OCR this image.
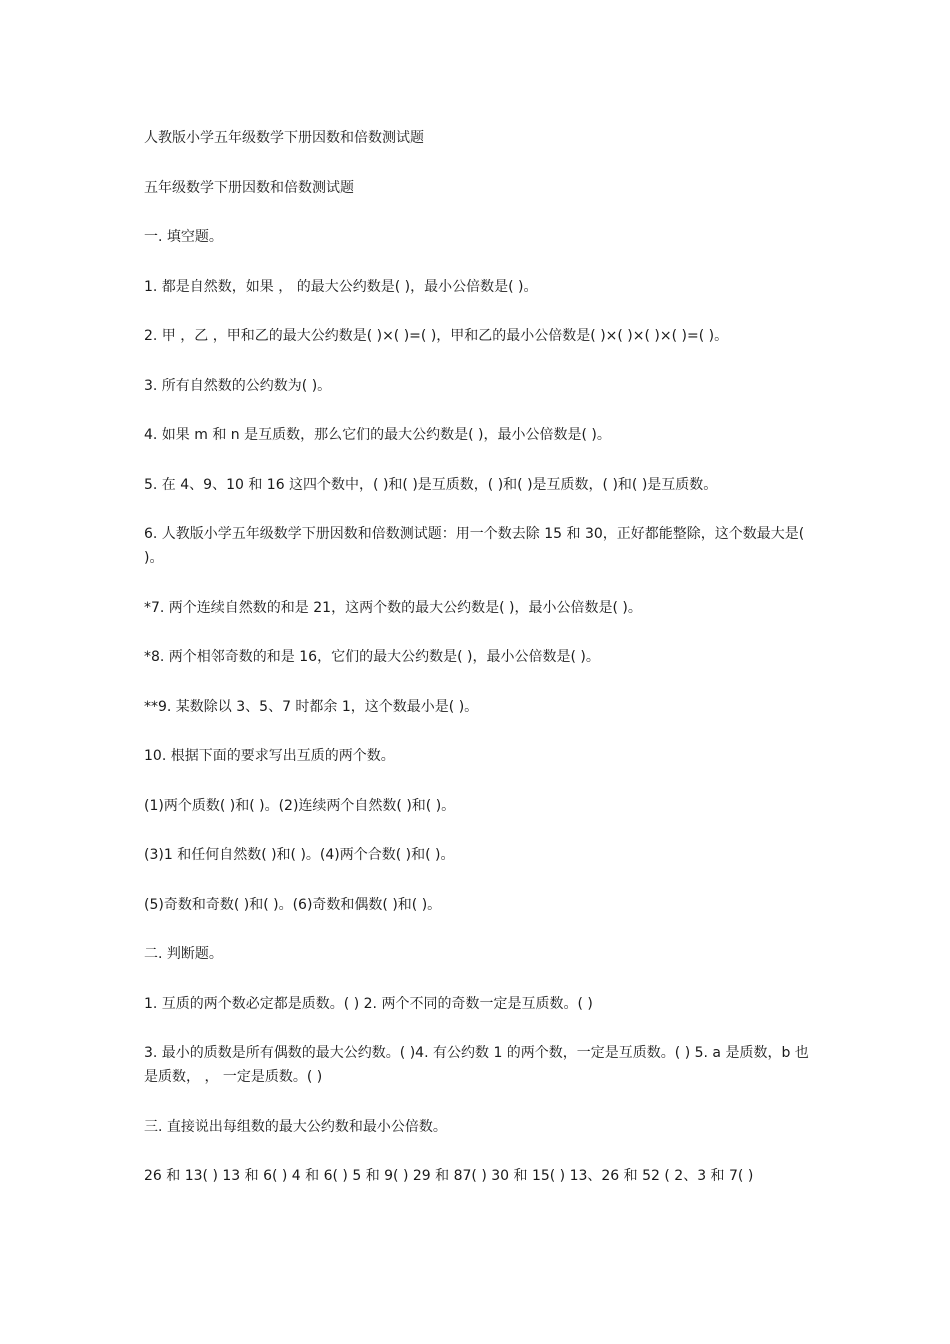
人教版小学五年级数学下册因数和倍数测试题

五年级数学下册因数和倍数测试题

一. 填空题。

1. 都是自然数，如果 ， 的最大公约数是( )，最小公倍数是( )。

2. 甲 ，乙 ，甲和乙的最大公约数是( )×( )=( )，甲和乙的最小公倍数是( )×( )×( )×( )=( )。

3. 所有自然数的公约数为( )。

4. 如果 m 和 n 是互质数，那么它们的最大公约数是( )，最小公倍数是( )。

5. 在 4、9、10 和 16 这四个数中，( )和( )是互质数，( )和( )是互质数，( )和( )是互质数。

6. 人教版小学五年级数学下册因数和倍数测试题：用一个数去除 15 和 30，正好都能整除，这个数最大是( )。

*7. 两个连续自然数的和是 21，这两个数的最大公约数是( )，最小公倍数是( )。

*8. 两个相邻奇数的和是 16，它们的最大公约数是( )，最小公倍数是( )。

**9. 某数除以 3、5、7 时都余 1，这个数最小是( )。

10. 根据下面的要求写出互质的两个数。

(1)两个质数( )和( )。(2)连续两个自然数( )和( )。

(3)1 和任何自然数( )和( )。(4)两个合数( )和( )。

(5)奇数和奇数( )和( )。(6)奇数和偶数( )和( )。

二. 判断题。

1. 互质的两个数必定都是质数。( ) 2. 两个不同的奇数一定是互质数。( )

3. 最小的质数是所有偶数的最大公约数。( )4. 有公约数 1 的两个数，一定是互质数。( ) 5. a 是质数，b 也是质数， ， 一定是质数。( )

三. 直接说出每组数的最大公约数和最小公倍数。

26 和 13( ) 13 和 6( ) 4 和 6( ) 5 和 9( ) 29 和 87( ) 30 和 15( ) 13、26 和 52 ( 2、3 和 7( )
